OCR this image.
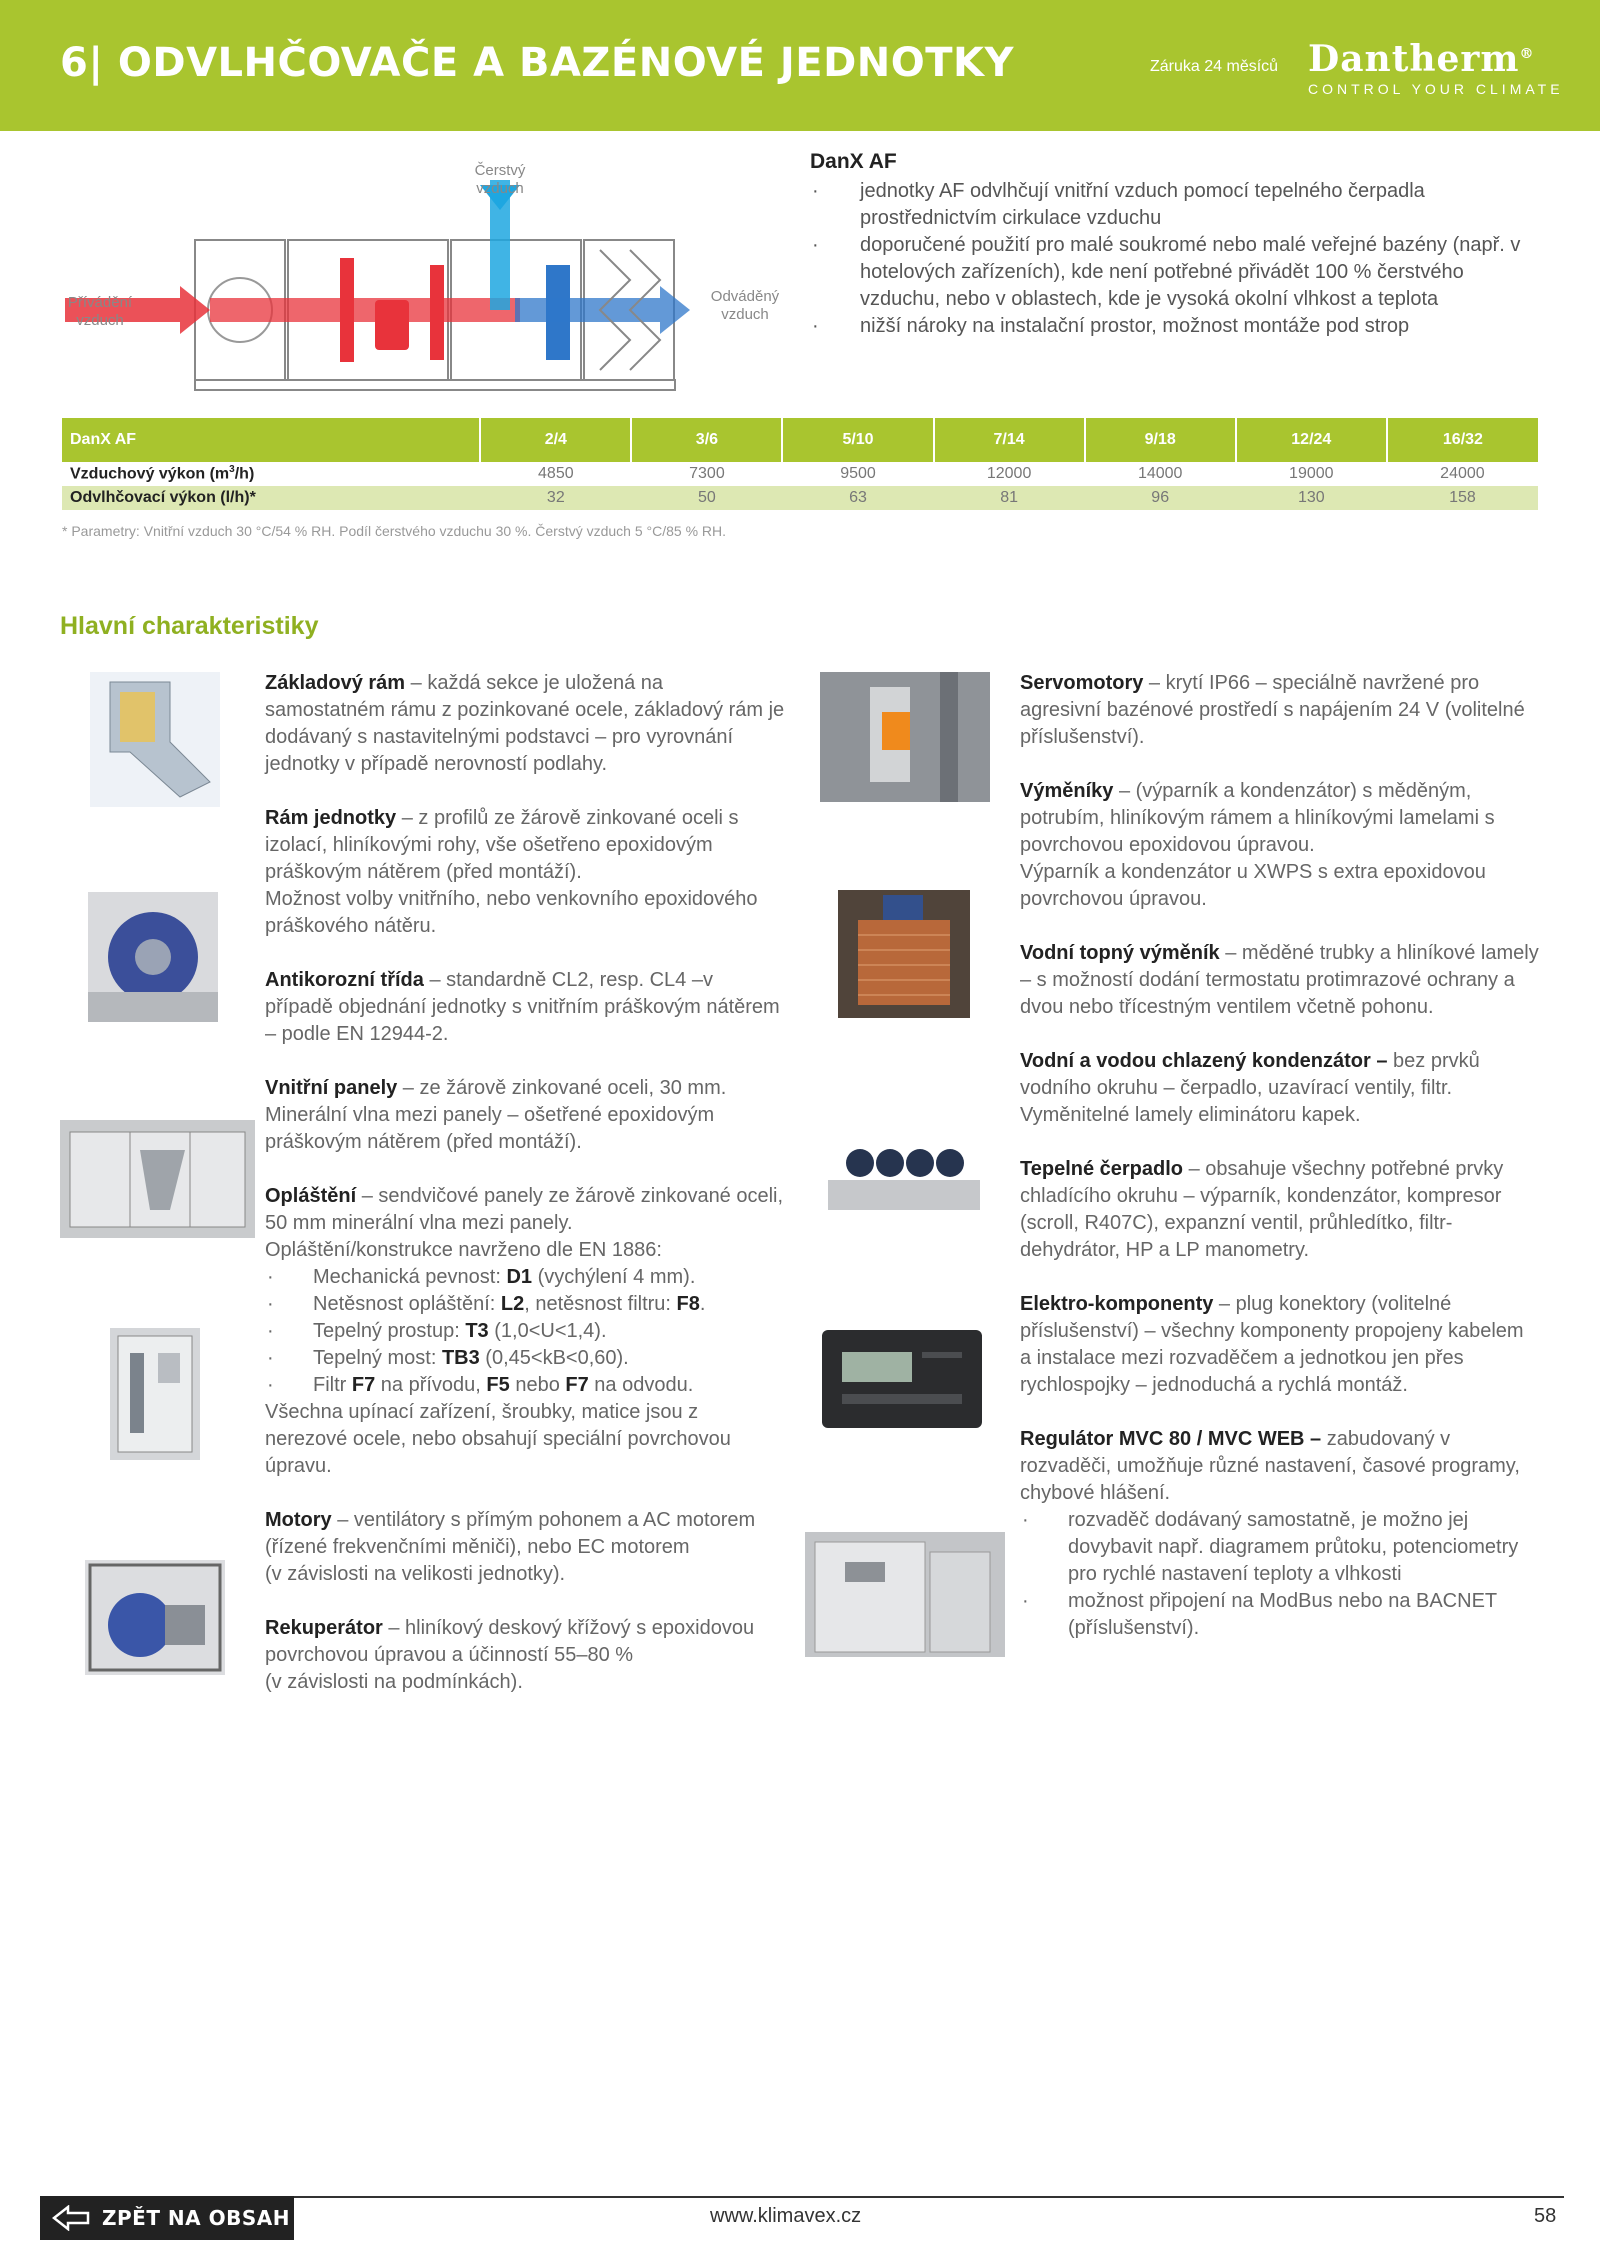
6| ODVLHČOVAČE A BAZÉNOVÉ JEDNOTKY	Záruka 24 měsíců Dantherm®
CONTROL YOUR CLIMATE
Čerstvý
vzduch
Přívádění
vzduch
Odváděný
vzduch
DanX AF
· jednotky AF odvlhčují vnitřní vzduch pomocí tepelného čerpadla prostřednictvím cirkulace vzduchu
· doporučené použití pro malé soukromé nebo malé veřejné bazény (např. v hotelových zařízeních), kde není potřebné přivádět 100 % čerstvého vzduchu, nebo v oblastech, kde je vysoká okolní vlhkost a teplota
· nižší nároky na instalační prostor, možnost montáže pod strop
DanX AF	2/4	3/6	5/10	7/14	9/18	12/24	16/32
Vzduchový výkon $(m^3/h)$	4850	7300	9500	12000	14000	19000	24000
Odvlhčovací výkon (l/h)*	32	50	63	81	96	130	158
* Parametry: Vnitřní vzduch 30 °C/54 % RH. Podíl čerstvého vzduchu 30 %. Čerstvý vzduch 5 °C/85 % RH.
Hlavní charakteristiky

Základový rám – každá sekce je uložená na samostatném rámu z pozinkované ocele, základový rám je dodávaný s nastavitelnými podstavci – pro vyrovnání jednotky v případě nerovností podlahy.

Rám jednotky – z profilů ze žárově zinkované oceli s izolací, hliníkovými rohy, vše ošetřeno epoxidovým práškovým nátěrem (před montáží).

Možnost volby vnitřního, nebo venkovního epoxidového práškového nátěru.

Antikorozní třída – standardně CL2, resp. CL4 –v případě objednání jednotky s vnitřním práškovým nátěrem – podle EN 12944-2.

Vnitřní panely – ze žárově zinkované oceli, 30 mm. Minerální vlna mezi panely – ošetřené epoxidovým práškovým nátěrem (před montáží).

Opláštění – sendvičové panely ze žárově zinkované oceli, 50 mm minerální vlna mezi panely.

Opláštění/konstrukce navrženo dle EN 1886:

· Mechanická pevnost: D1 (vychýlení 4 mm).

· Netěsnost opláštění: L2, netěsnost filtru: F8.

· Tepelný prostup: T3 (1,0<U<1,4).

· Tepelný most: TB3 (0,45<kB<0,60).

· Filtr F7 na přívodu, F5 nebo F7 na odvodu.

Všechna upínací zařízení, šroubky, matice jsou z nerezové ocele, nebo obsahují speciální povrchovou úpravu.

Motory – ventilátory s přímým pohonem a AC motorem (řízené frekvenčními měniči), nebo EC motorem

(v závislosti na velikosti jednotky).

Rekuperátor – hliníkový deskový křížový s epoxidovou povrchovou úpravou a účinností 55–80 %

(v závislosti na podmínkách).

Servomotory – krytí IP66 – speciálně navržené pro agresivní bazénové prostředí s napájením 24 V (volitelné příslušenství).

Výměníky – (výparník a kondenzátor) s měděným, potrubím, hliníkovým rámem a hliníkovými lamelami s

povrchovou epoxidovou úpravou.

Výparník a kondenzátor u XWPS s extra epoxidovou

povrchovou úpravou.

Vodní topný výměník – měděné trubky a hliníkové lamely – s možností dodání termostatu protimrazové ochrany a dvou nebo třícestným ventilem včetně pohonu.

Vodní a vodou chlazený kondenzátor – bez prvků vodního okruhu – čerpadlo, uzavírací ventily, filtr. Vyměnitelné lamely eliminátoru kapek.

Tepelné čerpadlo – obsahuje všechny potřebné prvky chladícího okruhu – výparník, kondenzátor, kompresor (scroll, R407C), expanzní ventil, průhledítko, filtr-dehydrátor, HP a LP manometry.

Elektro-komponenty – plug konektory (volitelné příslušenství) – všechny komponenty propojeny kabelem a instalace mezi rozvaděčem a jednotkou jen přes rychlospojky – jednoduchá a rychlá montáž.

Regulátor MVC 80 / MVC WEB – zabudovaný v rozvaděči, umožňuje různé nastavení, časové programy, chybové hlášení.

· rozvaděč dodávaný samostatně, je možno jej dovybavit např. diagramem průtoku, potenciometry pro rychlé nastavení teploty a vlhkosti

· možnost připojení na ModBus nebo na BACNET (příslušenství).

ZPĚT NA OBSAH	www.klimavex.cz	58
